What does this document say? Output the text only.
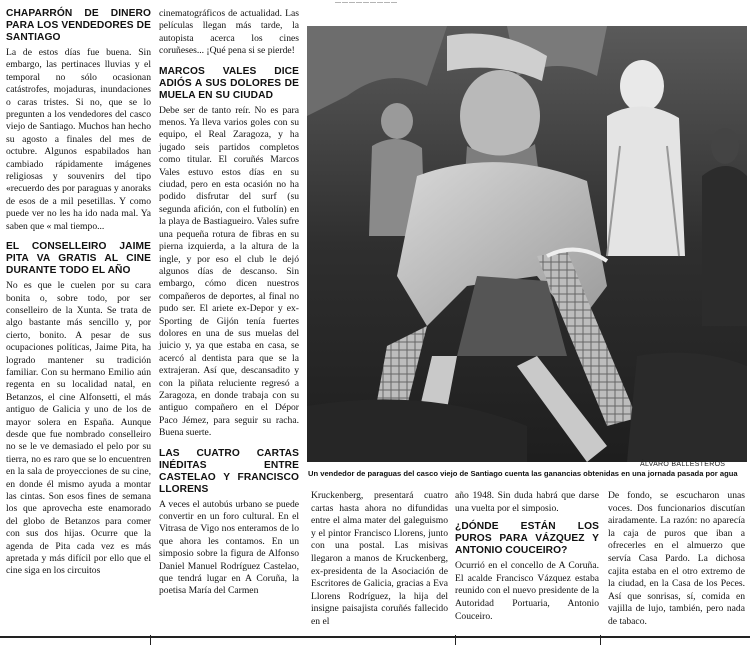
—————————
CHAPARRÓN DE DINERO PARA LOS VENDEDORES DE SANTIAGO

La de estos días fue buena. Sin embargo, las pertinaces lluvias y el temporal no sólo ocasionan catástrofes, mojaduras, inundaciones o caras tristes. Si no, que se lo pregunten a los vendedores del casco viejo de Santiago. Muchos han hecho su agosto a finales del mes de octubre. Algunos espabilados han cambiado rápidamente imágenes religiosas y souvenirs del tipo «recuerdo des por paraguas y anoraks de esos de a mil pesetillas. Y como puede ver no les ha ido nada mal. Ya saben que « mal tiempo...

EL CONSELLEIRO JAIME PITA VA GRATIS AL CINE DURANTE TODO EL AÑO

No es que le cuelen por su cara bonita o, sobre todo, por ser conselleiro de la Xunta. Se trata de algo bastante más sencillo y, por cierto, bonito. A pesar de sus ocupaciones políticas, Jaime Pita, ha logrado mantener su tradición familiar. Con su hermano Emilio aún regenta en su localidad natal, en Betanzos, el cine Alfonsetti, el más antiguo de Galicia y uno de los de mayor solera en España. Aunque desde que fue nombrado conselleiro no se le ve demasiado el pelo por su tierra, no es raro que se lo encuentren en la sala de proyecciones de su cine, en donde él mismo ayuda a montar las cintas. Son esos fines de semana los que aprovecha este enamorado del globo de Betanzos para comer con sus dos hijas. Ocurre que la agenda de Pita cada vez es más apretada y más difícil por ello que el cine siga en los circuitos

cinematográficos de actualidad. Las películas llegan más tarde, la autopista acerca los cines coruñeses... ¡Qué pena si se pierde!

MARCOS VALES DICE ADIÓS A SUS DOLORES DE MUELA EN SU CIUDAD

Debe ser de tanto reír. No es para menos. Ya lleva varios goles con su equipo, el Real Zaragoza, y ha jugado seis partidos completos como titular. El coruñés Marcos Vales estuvo estos días en su ciudad, pero en esta ocasión no ha podido disfrutar del surf (su segunda afición, con el futbolín) en la playa de Bastiagueiro. Vales sufre una pequeña rotura de fibras en su pierna izquierda, a la altura de la ingle, y por eso el club le dejó algunos días de descanso. Sin embargo, cómo dicen nuestros compañeros de deportes, al final no pudo ser. El ariete ex-Depor y ex-Sporting de Gijón tenía fuertes dolores en una de sus muelas del juicio y, ya que estaba en casa, se acercó al dentista para que se la extrajeran. Así que, descansadito y con la piñata reluciente regresó a Zaragoza, en donde trabaja con su antiguo compañero en el Dépor Paco Jémez, para seguir su racha. Buena suerte.

LAS CUATRO CARTAS INÉDITAS ENTRE CASTELAO Y FRANCISCO LLORENS

A veces el autobús urbano se puede convertir en un foro cultural. En el Vitrasa de Vigo nos enteramos de lo que ahora les contamos. En un simposio sobre la figura de Alfonso Daniel Manuel Rodríguez Castelao, que tendrá lugar en A Coruña, la poetisa María del Carmen

ÁLVARO BALLESTEROS
Un vendedor de paraguas del casco viejo de Santiago cuenta las ganancias obtenidas en una jornada pasada por agua
Kruckenberg, presentará cuatro cartas hasta ahora no difundidas entre el alma mater del galeguismo y el pintor Francisco Llorens, junto con una postal. Las misivas llegaron a manos de Kruckenberg, ex-presidenta de la Asociación de Escritores de Galicia, gracias a Eva Llorens Rodríguez, la hija del insigne paisajista coruñés fallecido en el
año 1948. Sin duda habrá que darse una vuelta por el simposio.
¿DÓNDE ESTÁN LOS PUROS PARA VÁZQUEZ Y ANTONIO COUCEIRO?
Ocurrió en el concello de A Coruña. El acalde Francisco Vázquez estaba reunido con el nuevo presidente de la Autoridad Portuaria, Antonio Couceiro.
De fondo, se escucharon unas voces. Dos funcionarios discutían airadamente. La razón: no aparecía la caja de puros que iban a ofrecerles en el almuerzo que servía Casa Pardo. La dichosa cajita estaba en el otro extremo de la ciudad, en la Casa de los Peces. Así que sonrisas, sí, comida en vajilla de lujo, también, pero nada de tabaco.
